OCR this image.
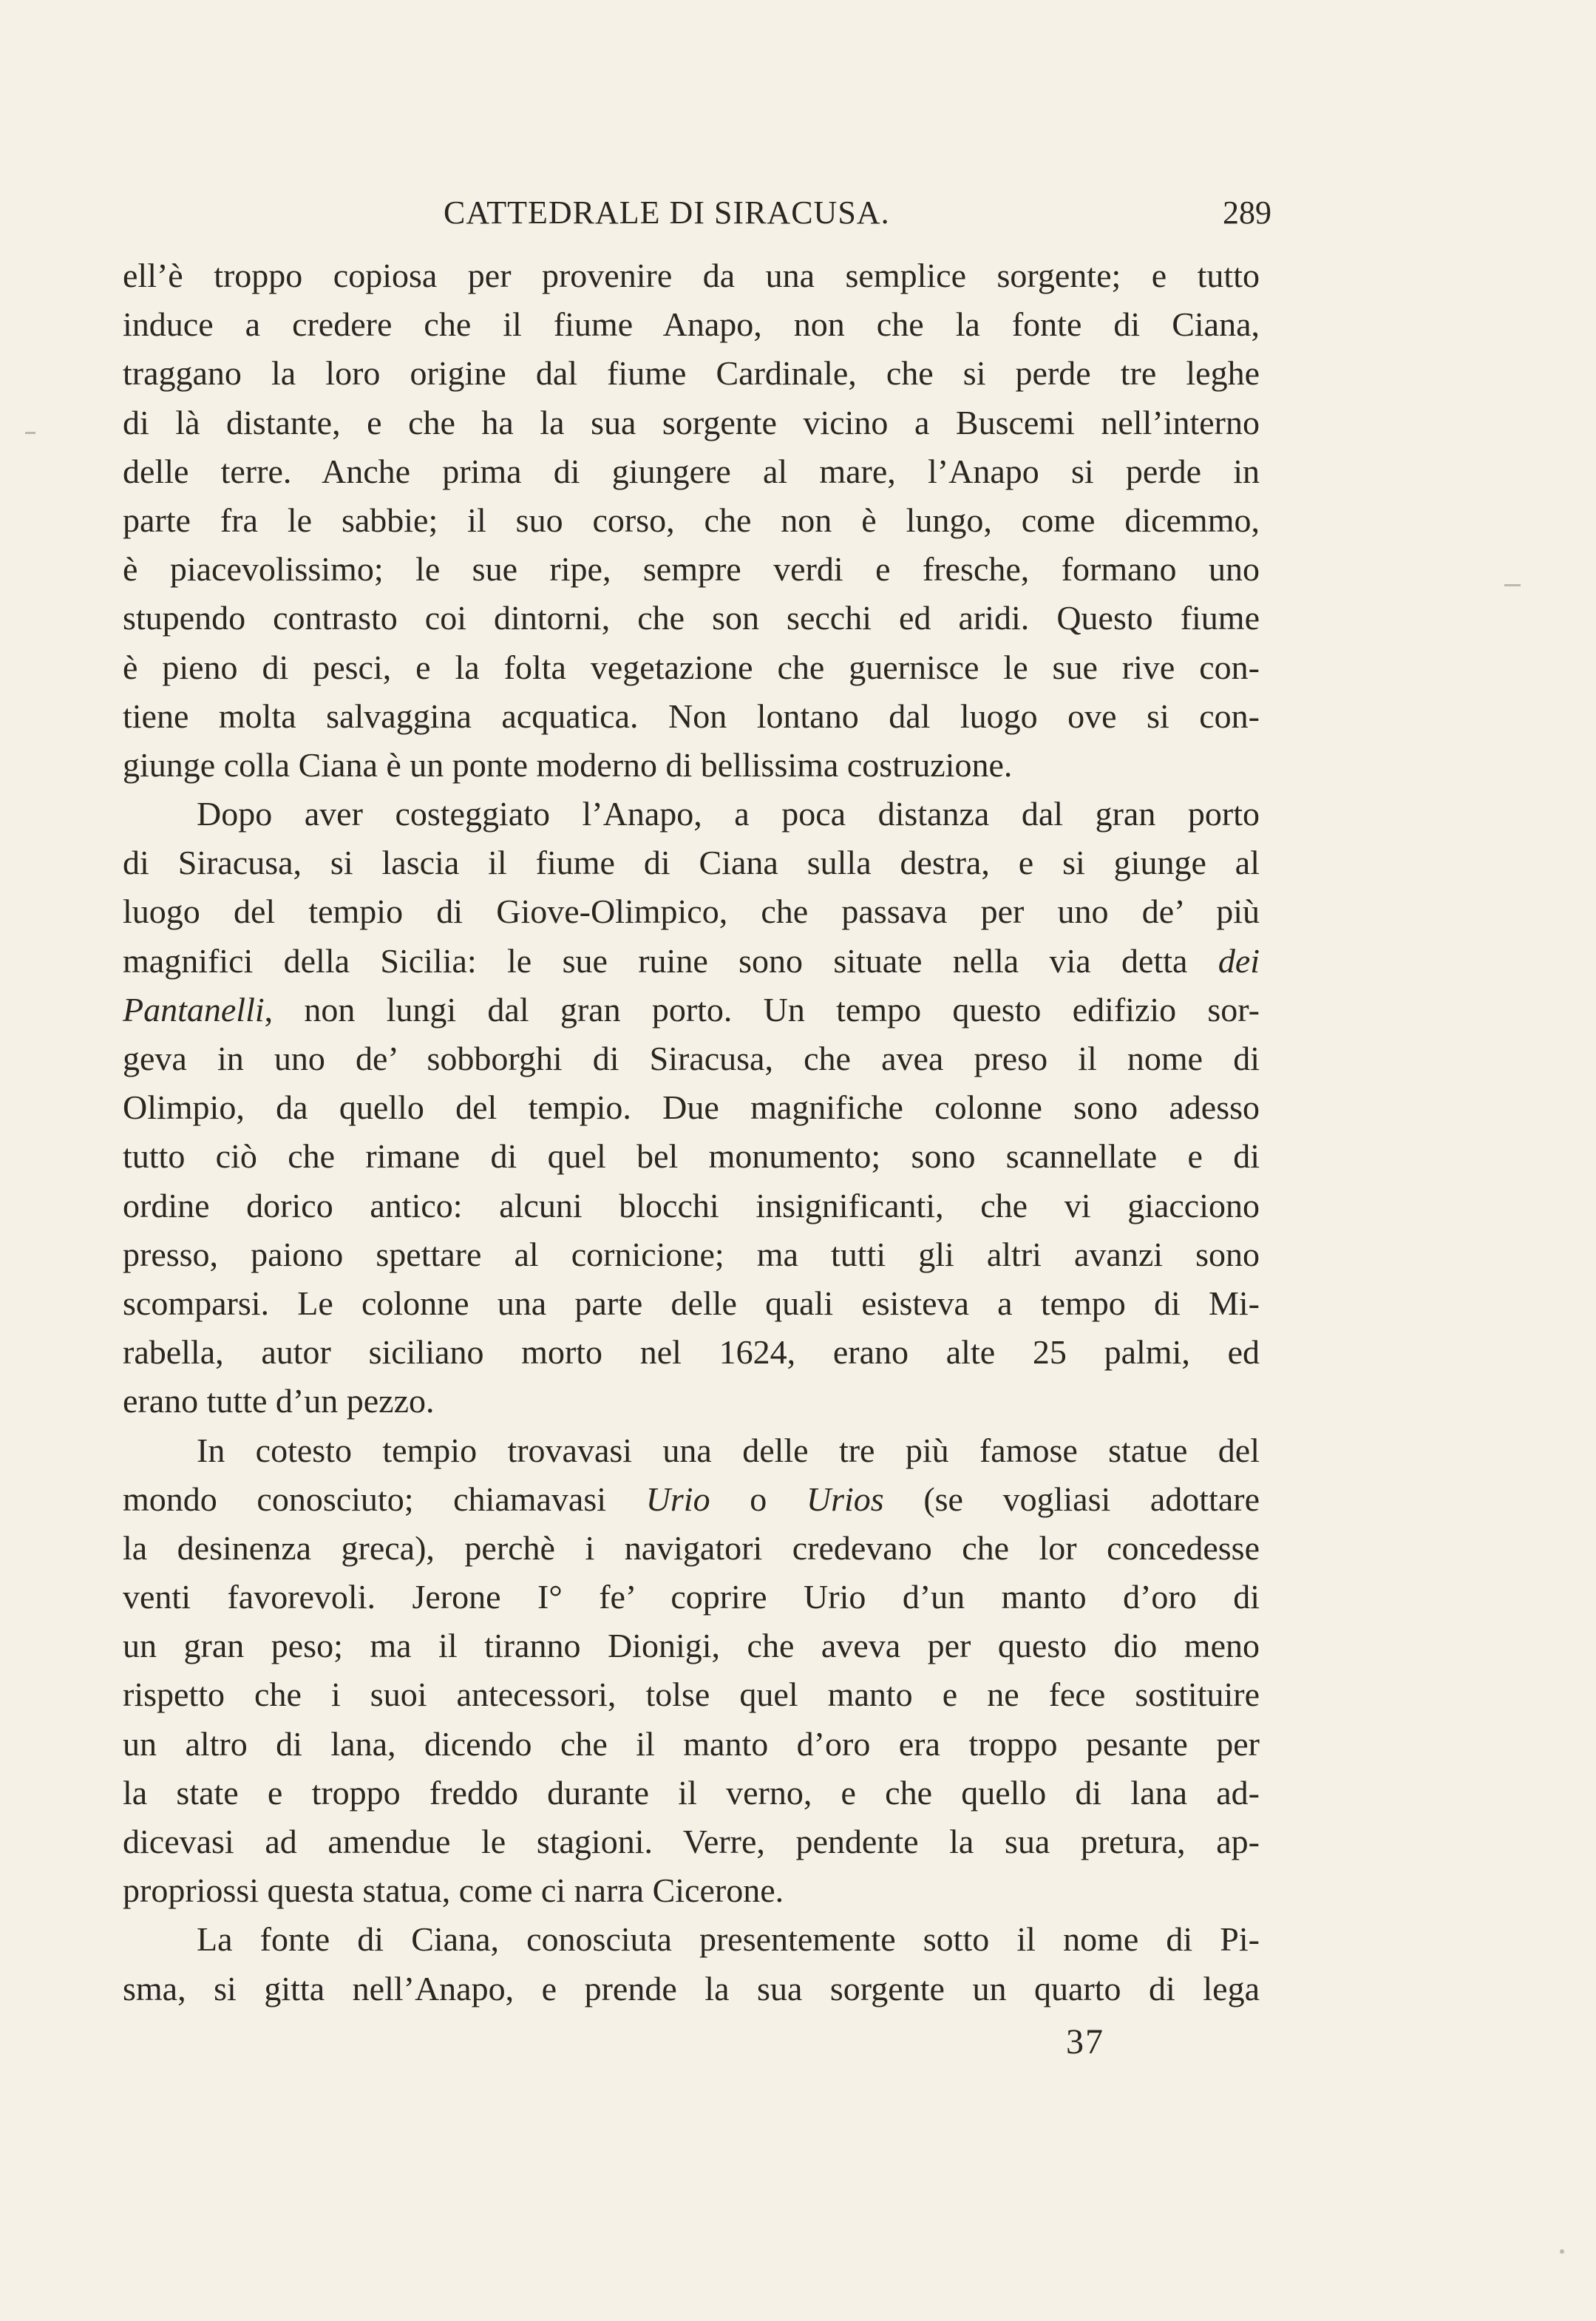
CATTEDRALE DI SIRACUSA.	289
ell’è troppo copiosa per provenire da una semplice sorgente; e tutto
induce a credere che il fiume Anapo, non che la fonte di Ciana,
traggano la loro origine dal fiume Cardinale, che si perde tre leghe
di là distante, e che ha la sua sorgente vicino a Buscemi nell’interno
delle terre. Anche prima di giungere al mare, l’Anapo si perde in
parte fra le sabbie; il suo corso, che non è lungo, come dicemmo,
è piacevolissimo; le sue ripe, sempre verdi e fresche, formano uno
stupendo contrasto coi dintorni, che son secchi ed aridi. Questo fiume
è pieno di pesci, e la folta vegetazione che guernisce le sue rive con-
tiene molta salvaggina acquatica. Non lontano dal luogo ove si con-
giunge colla Ciana è un ponte moderno di bellissima costruzione.
Dopo aver costeggiato l’Anapo, a poca distanza dal gran porto
di Siracusa, si lascia il fiume di Ciana sulla destra, e si giunge al
luogo del tempio di Giove-Olimpico, che passava per uno de’ più
magnifici della Sicilia: le sue ruine sono situate nella via detta dei
Pantanelli, non lungi dal gran porto. Un tempo questo edifizio sor-
geva in uno de’ sobborghi di Siracusa, che avea preso il nome di
Olimpio, da quello del tempio. Due magnifiche colonne sono adesso
tutto ciò che rimane di quel bel monumento; sono scannellate e di
ordine dorico antico: alcuni blocchi insignificanti, che vi giacciono
presso, paiono spettare al cornicione; ma tutti gli altri avanzi sono
scomparsi. Le colonne una parte delle quali esisteva a tempo di Mi-
rabella, autor siciliano morto nel 1624, erano alte 25 palmi, ed
erano tutte d’un pezzo.
In cotesto tempio trovavasi una delle tre più famose statue del
mondo conosciuto; chiamavasi Urio o Urios (se vogliasi adottare
la desinenza greca), perchè i navigatori credevano che lor concedesse
venti favorevoli. Jerone I° fe’ coprire Urio d’un manto d’oro di
un gran peso; ma il tiranno Dionigi, che aveva per questo dio meno
rispetto che i suoi antecessori, tolse quel manto e ne fece sostituire
un altro di lana, dicendo che il manto d’oro era troppo pesante per
la state e troppo freddo durante il verno, e che quello di lana ad-
dicevasi ad amendue le stagioni. Verre, pendente la sua pretura, ap-
propriossi questa statua, come ci narra Cicerone.
La fonte di Ciana, conosciuta presentemente sotto il nome di Pi-
sma, si gitta nell’Anapo, e prende la sua sorgente un quarto di lega
37
